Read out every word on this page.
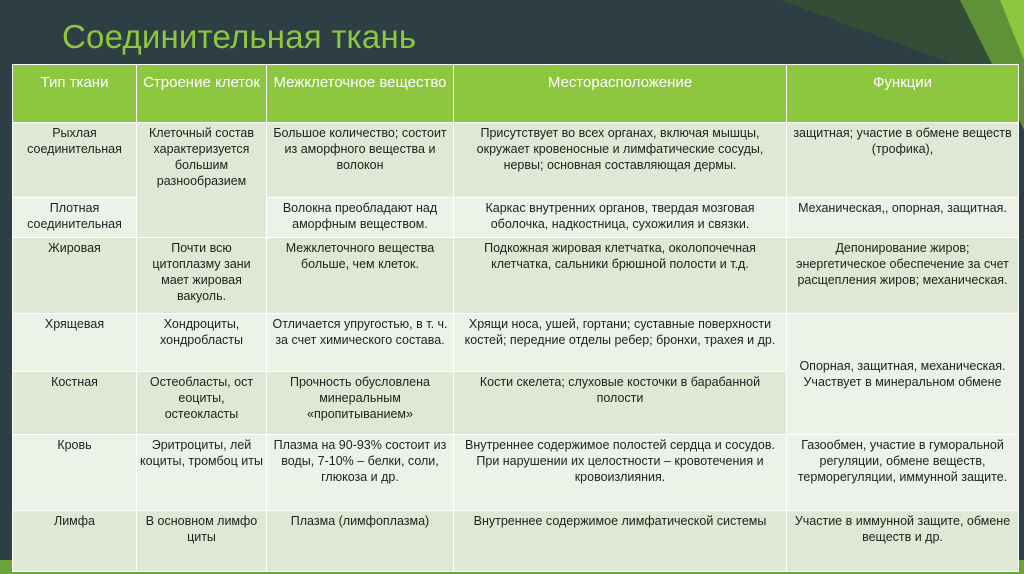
Соединительная ткань
Тип ткани	Строение клеток	Межклеточное вещество	Месторасположение	Функции
Рыхлая соединительная	Клеточный состав характеризуется большим разнообразием	Большое количество; состоит из аморфного вещества и волокон	Присутствует во всех органах, включая мышцы, окружает кровеносные и лимфатические сосуды, нервы; основная составляющая дермы.	защитная; участие в обмене веществ (трофика),
Плотная соединительная		Волокна преобладают над аморфным веществом.	Каркас внутренних органов, твердая мозговая оболочка, надкостница, сухожилия и связки.	Механическая,, опорная, защитная.
Жировая	Почти всю цитоплазму зани мает жировая вакуоль.	Межклеточного вещества больше, чем клеток.	Подкожная жировая клетчатка, околопочечная клетчатка, сальники брюшной полости и т.д.	Депонирование жиров; энергетическое обеспечение за счет расщепления жиров; механическая.
Хрящевая	Хондроциты, хондробласты	Отличается упругостью, в т. ч. за счет химического состава.	Хрящи носа, ушей, гортани; суставные поверхности костей; передние отделы ребер; бронхи, трахея и др.	Опорная, защитная, механическая. Участвует в минеральном обмене
Костная	Остеобласты, ост еоциты, остеокласты	Прочность обусловлена минеральным «пропитыванием»	Кости скелета; слуховые косточки в барабанной полости	
Кровь	Эритроциты, лей коциты, тромбоц иты	Плазма на 90-93% состоит из воды, 7-10% – белки, соли, глюкоза и др.	Внутреннее содержимое полостей сердца и сосудов. При нарушении их целостности – кровотечения и кровоизлияния.	Газообмен, участие в гуморальной регуляции, обмене веществ, терморегуляции, иммунной защите.
Лимфа	В основном лимфо циты	Плазма (лимфоплазма)	Внутреннее содержимое лимфатической системы	Участие в иммунной защите, обмене веществ и др.
